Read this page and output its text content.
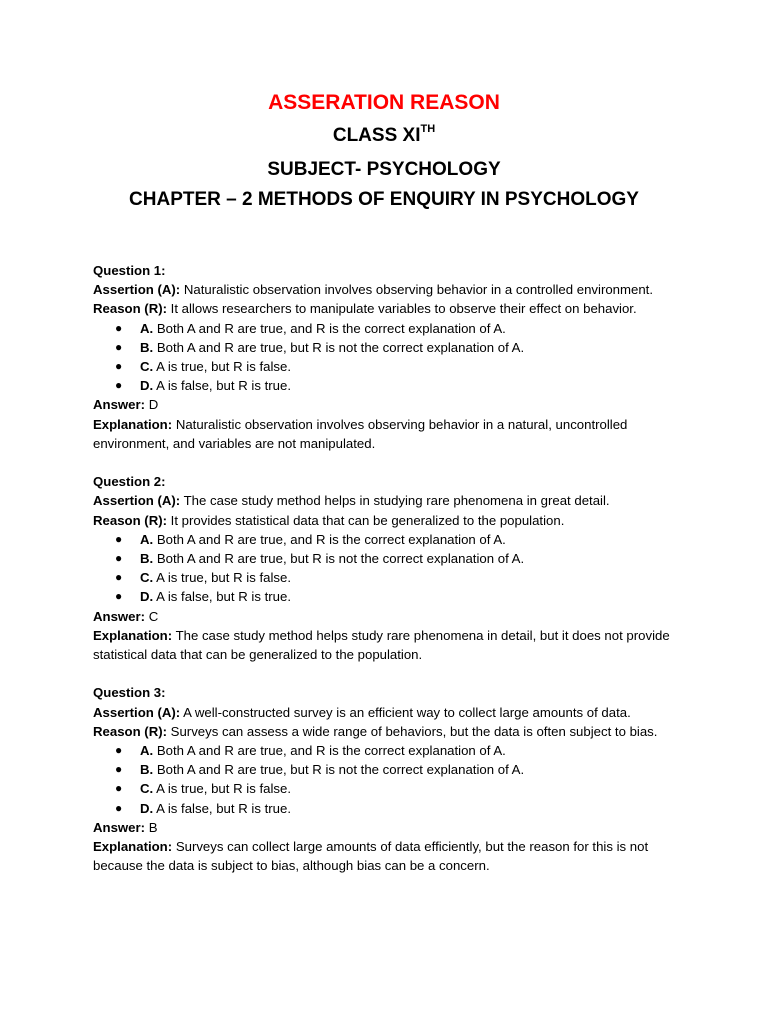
ASSERATION REASON
CLASS XITH
SUBJECT- PSYCHOLOGY
CHAPTER – 2 METHODS OF ENQUIRY IN PSYCHOLOGY
Question 1:
Assertion (A): Naturalistic observation involves observing behavior in a controlled environment.
Reason (R): It allows researchers to manipulate variables to observe their effect on behavior.
● A. Both A and R are true, and R is the correct explanation of A.
● B. Both A and R are true, but R is not the correct explanation of A.
● C. A is true, but R is false.
● D. A is false, but R is true.
Answer: D
Explanation: Naturalistic observation involves observing behavior in a natural, uncontrolled environment, and variables are not manipulated.
Question 2:
Assertion (A): The case study method helps in studying rare phenomena in great detail.
Reason (R): It provides statistical data that can be generalized to the population.
● A. Both A and R are true, and R is the correct explanation of A.
● B. Both A and R are true, but R is not the correct explanation of A.
● C. A is true, but R is false.
● D. A is false, but R is true.
Answer: C
Explanation: The case study method helps study rare phenomena in detail, but it does not provide statistical data that can be generalized to the population.
Question 3:
Assertion (A): A well-constructed survey is an efficient way to collect large amounts of data.
Reason (R): Surveys can assess a wide range of behaviors, but the data is often subject to bias.
● A. Both A and R are true, and R is the correct explanation of A.
● B. Both A and R are true, but R is not the correct explanation of A.
● C. A is true, but R is false.
● D. A is false, but R is true.
Answer: B
Explanation: Surveys can collect large amounts of data efficiently, but the reason for this is not because the data is subject to bias, although bias can be a concern.
